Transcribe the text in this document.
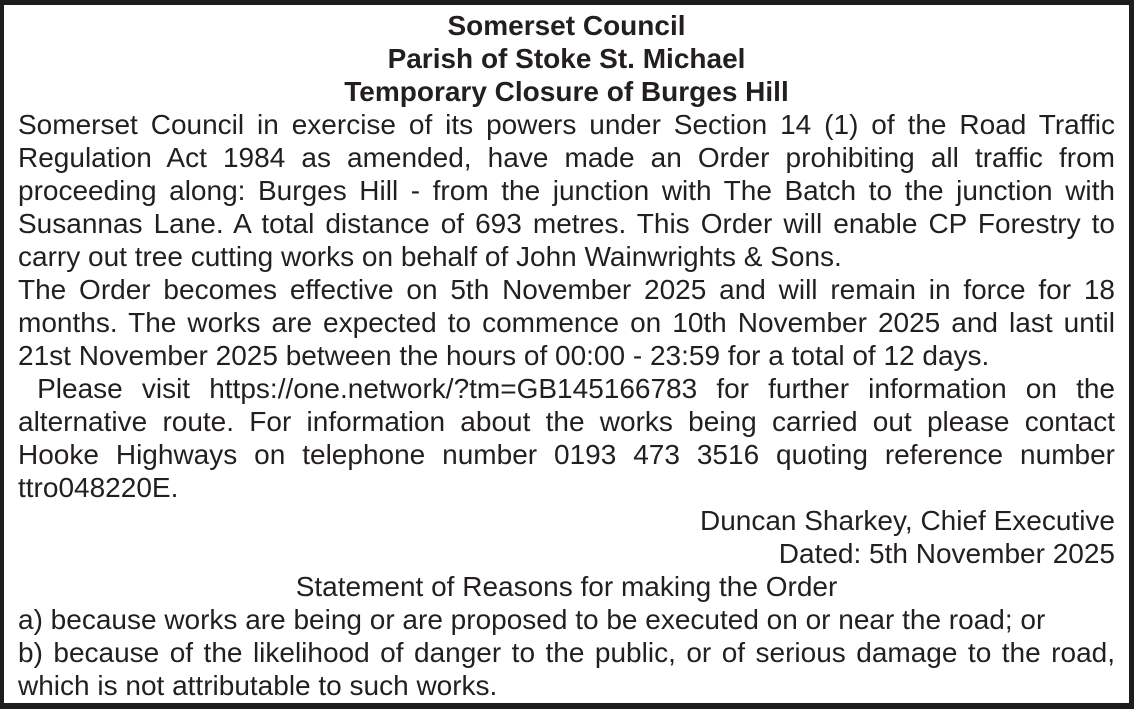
Somerset Council
Parish of Stoke St. Michael
Temporary Closure of Burges Hill

Somerset Council in exercise of its powers under Section 14 (1) of the Road Traffic Regulation Act 1984 as amended, have made an Order prohibiting all traffic from proceeding along: Burges Hill - from the junction with The Batch to the junction with Susannas Lane. A total distance of 693 metres. This Order will enable CP Forestry to carry out tree cutting works on behalf of John Wainwrights & Sons.

The Order becomes effective on 5th November 2025 and will remain in force for 18 months. The works are expected to commence on 10th November 2025 and last until 21st November 2025 between the hours of 00:00 - 23:59 for a total of 12 days.

Please visit https://one.network/?tm=GB145166783 for further information on the alternative route. For information about the works being carried out please contact Hooke Highways on telephone number 0193 473 3516 quoting reference number ttro048220E.

Duncan Sharkey, Chief Executive
Dated: 5th November 2025
Statement of Reasons for making the Order

a) because works are being or are proposed to be executed on or near the road; or

b) because of the likelihood of danger to the public, or of serious damage to the road, which is not attributable to such works.
